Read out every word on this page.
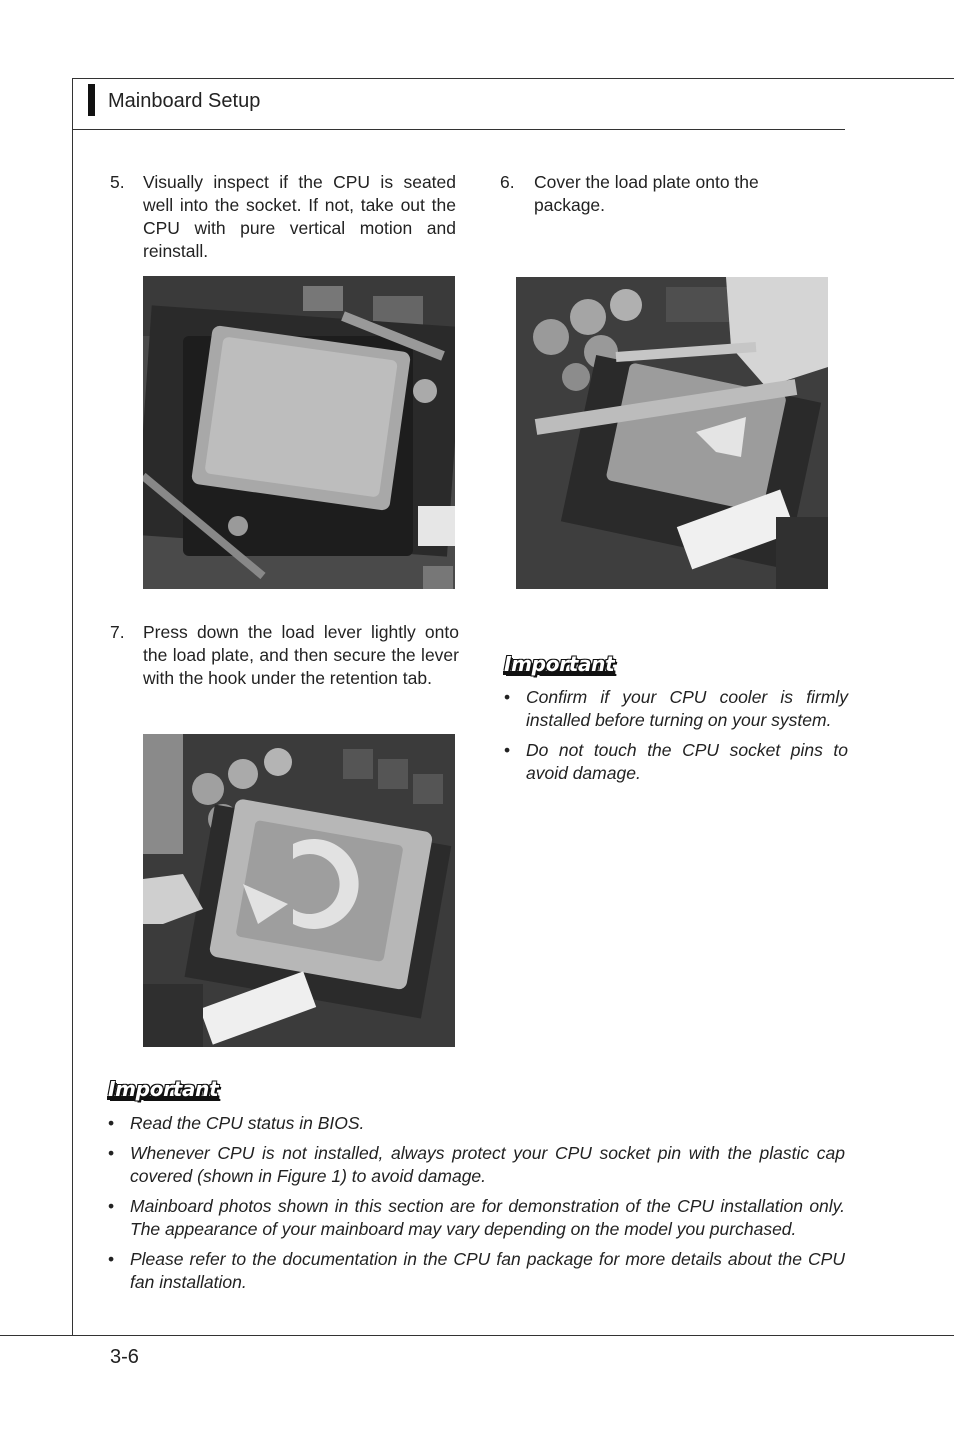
Mainboard Setup
5. Visually inspect if the CPU is seated well into the socket. If not, take out the CPU with pure vertical motion and reinstall.
6. Cover the load plate onto the package.
7. Press down the load lever lightly onto the load plate, and then secure the lever with the hook under the retention tab.
Important
• Confirm if your CPU cooler is firmly installed before turning on your system.
• Do not touch the CPU socket pins to avoid damage.
Important
• Read the CPU status in BIOS.
• Whenever CPU is not installed, always protect your CPU socket pin with the plastic cap covered (shown in Figure 1) to avoid damage.
• Mainboard photos shown in this section are for demonstration of the CPU installation only. The appearance of your mainboard may vary depending on the model you purchased.
• Please refer to the documentation in the CPU fan package for more details about the CPU fan installation.
3-6
